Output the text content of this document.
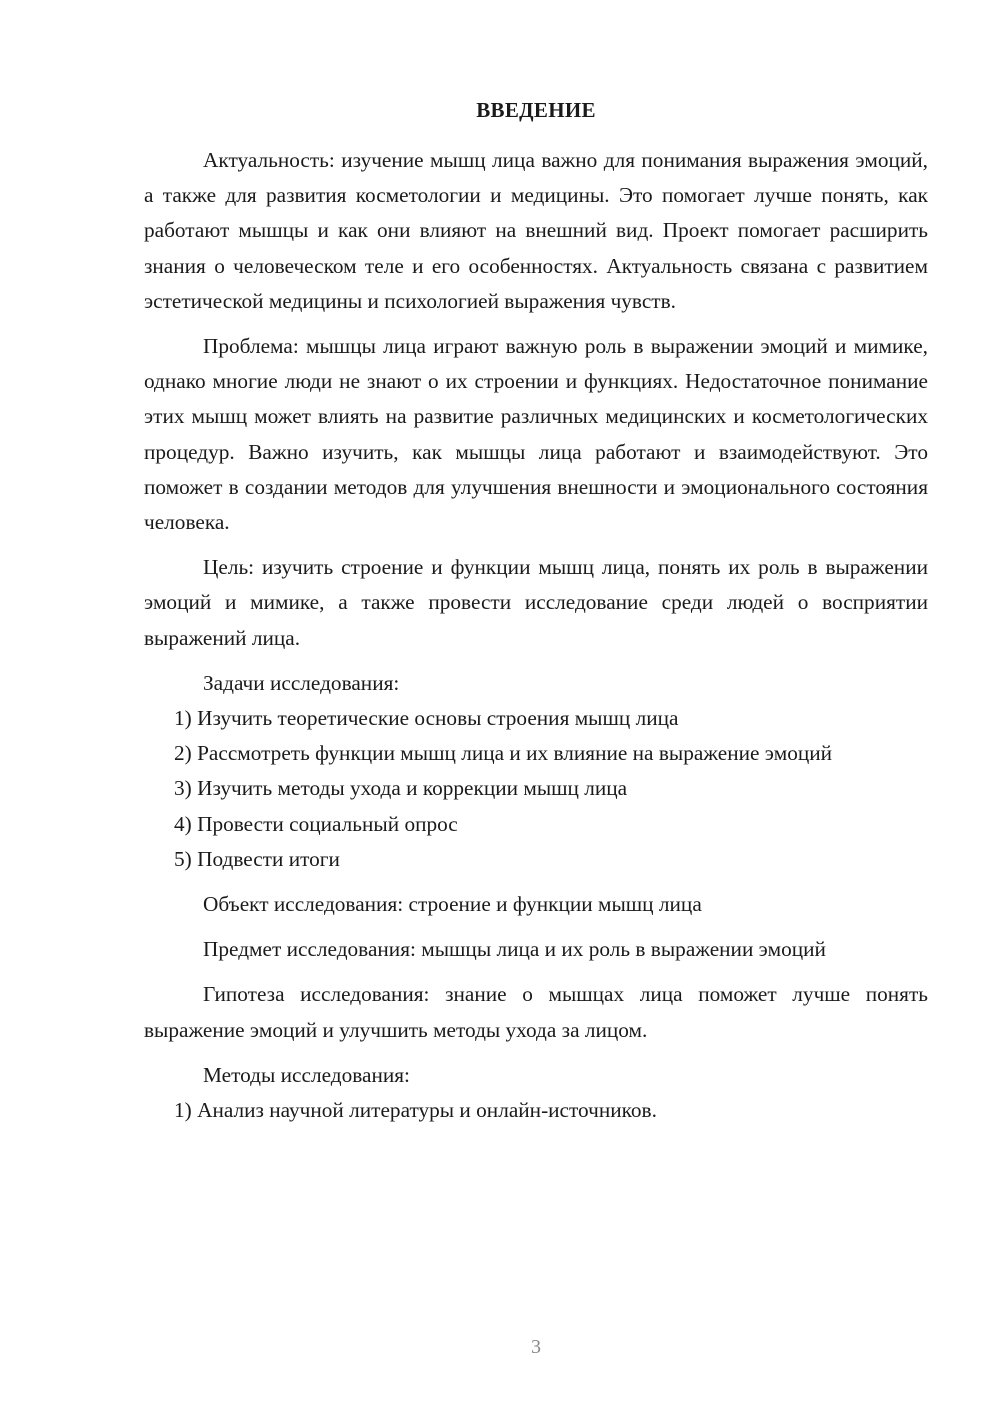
ВВЕДЕНИЕ

Актуальность: изучение мышц лица важно для понимания выражения эмоций, а также для развития косметологии и медицины. Это помогает лучше понять, как работают мышцы и как они влияют на внешний вид. Проект помогает расширить знания о человеческом теле и его особенностях. Актуальность связана с развитием эстетической медицины и психологией выражения чувств.

Проблема: мышцы лица играют важную роль в выражении эмоций и мимике, однако многие люди не знают о их строении и функциях. Недостаточное понимание этих мышц может влиять на развитие различных медицинских и косметологических процедур. Важно изучить, как мышцы лица работают и взаимодействуют. Это поможет в создании методов для улучшения внешности и эмоционального состояния человека.

Цель: изучить строение и функции мышц лица, понять их роль в выражении эмоций и мимике, а также провести исследование среди людей о восприятии выражений лица.

Задачи исследования:

1) Изучить теоретические основы строения мышц лица

2) Рассмотреть функции мышц лица и их влияние на выражение эмоций

3) Изучить методы ухода и коррекции мышц лица

4) Провести социальный опрос

5) Подвести итоги

Объект исследования: строение и функции мышц лица

Предмет исследования: мышцы лица и их роль в выражении эмоций

Гипотеза исследования: знание о мышцах лица поможет лучше понять выражение эмоций и улучшить методы ухода за лицом.

Методы исследования:

1) Анализ научной литературы и онлайн-источников.

3
